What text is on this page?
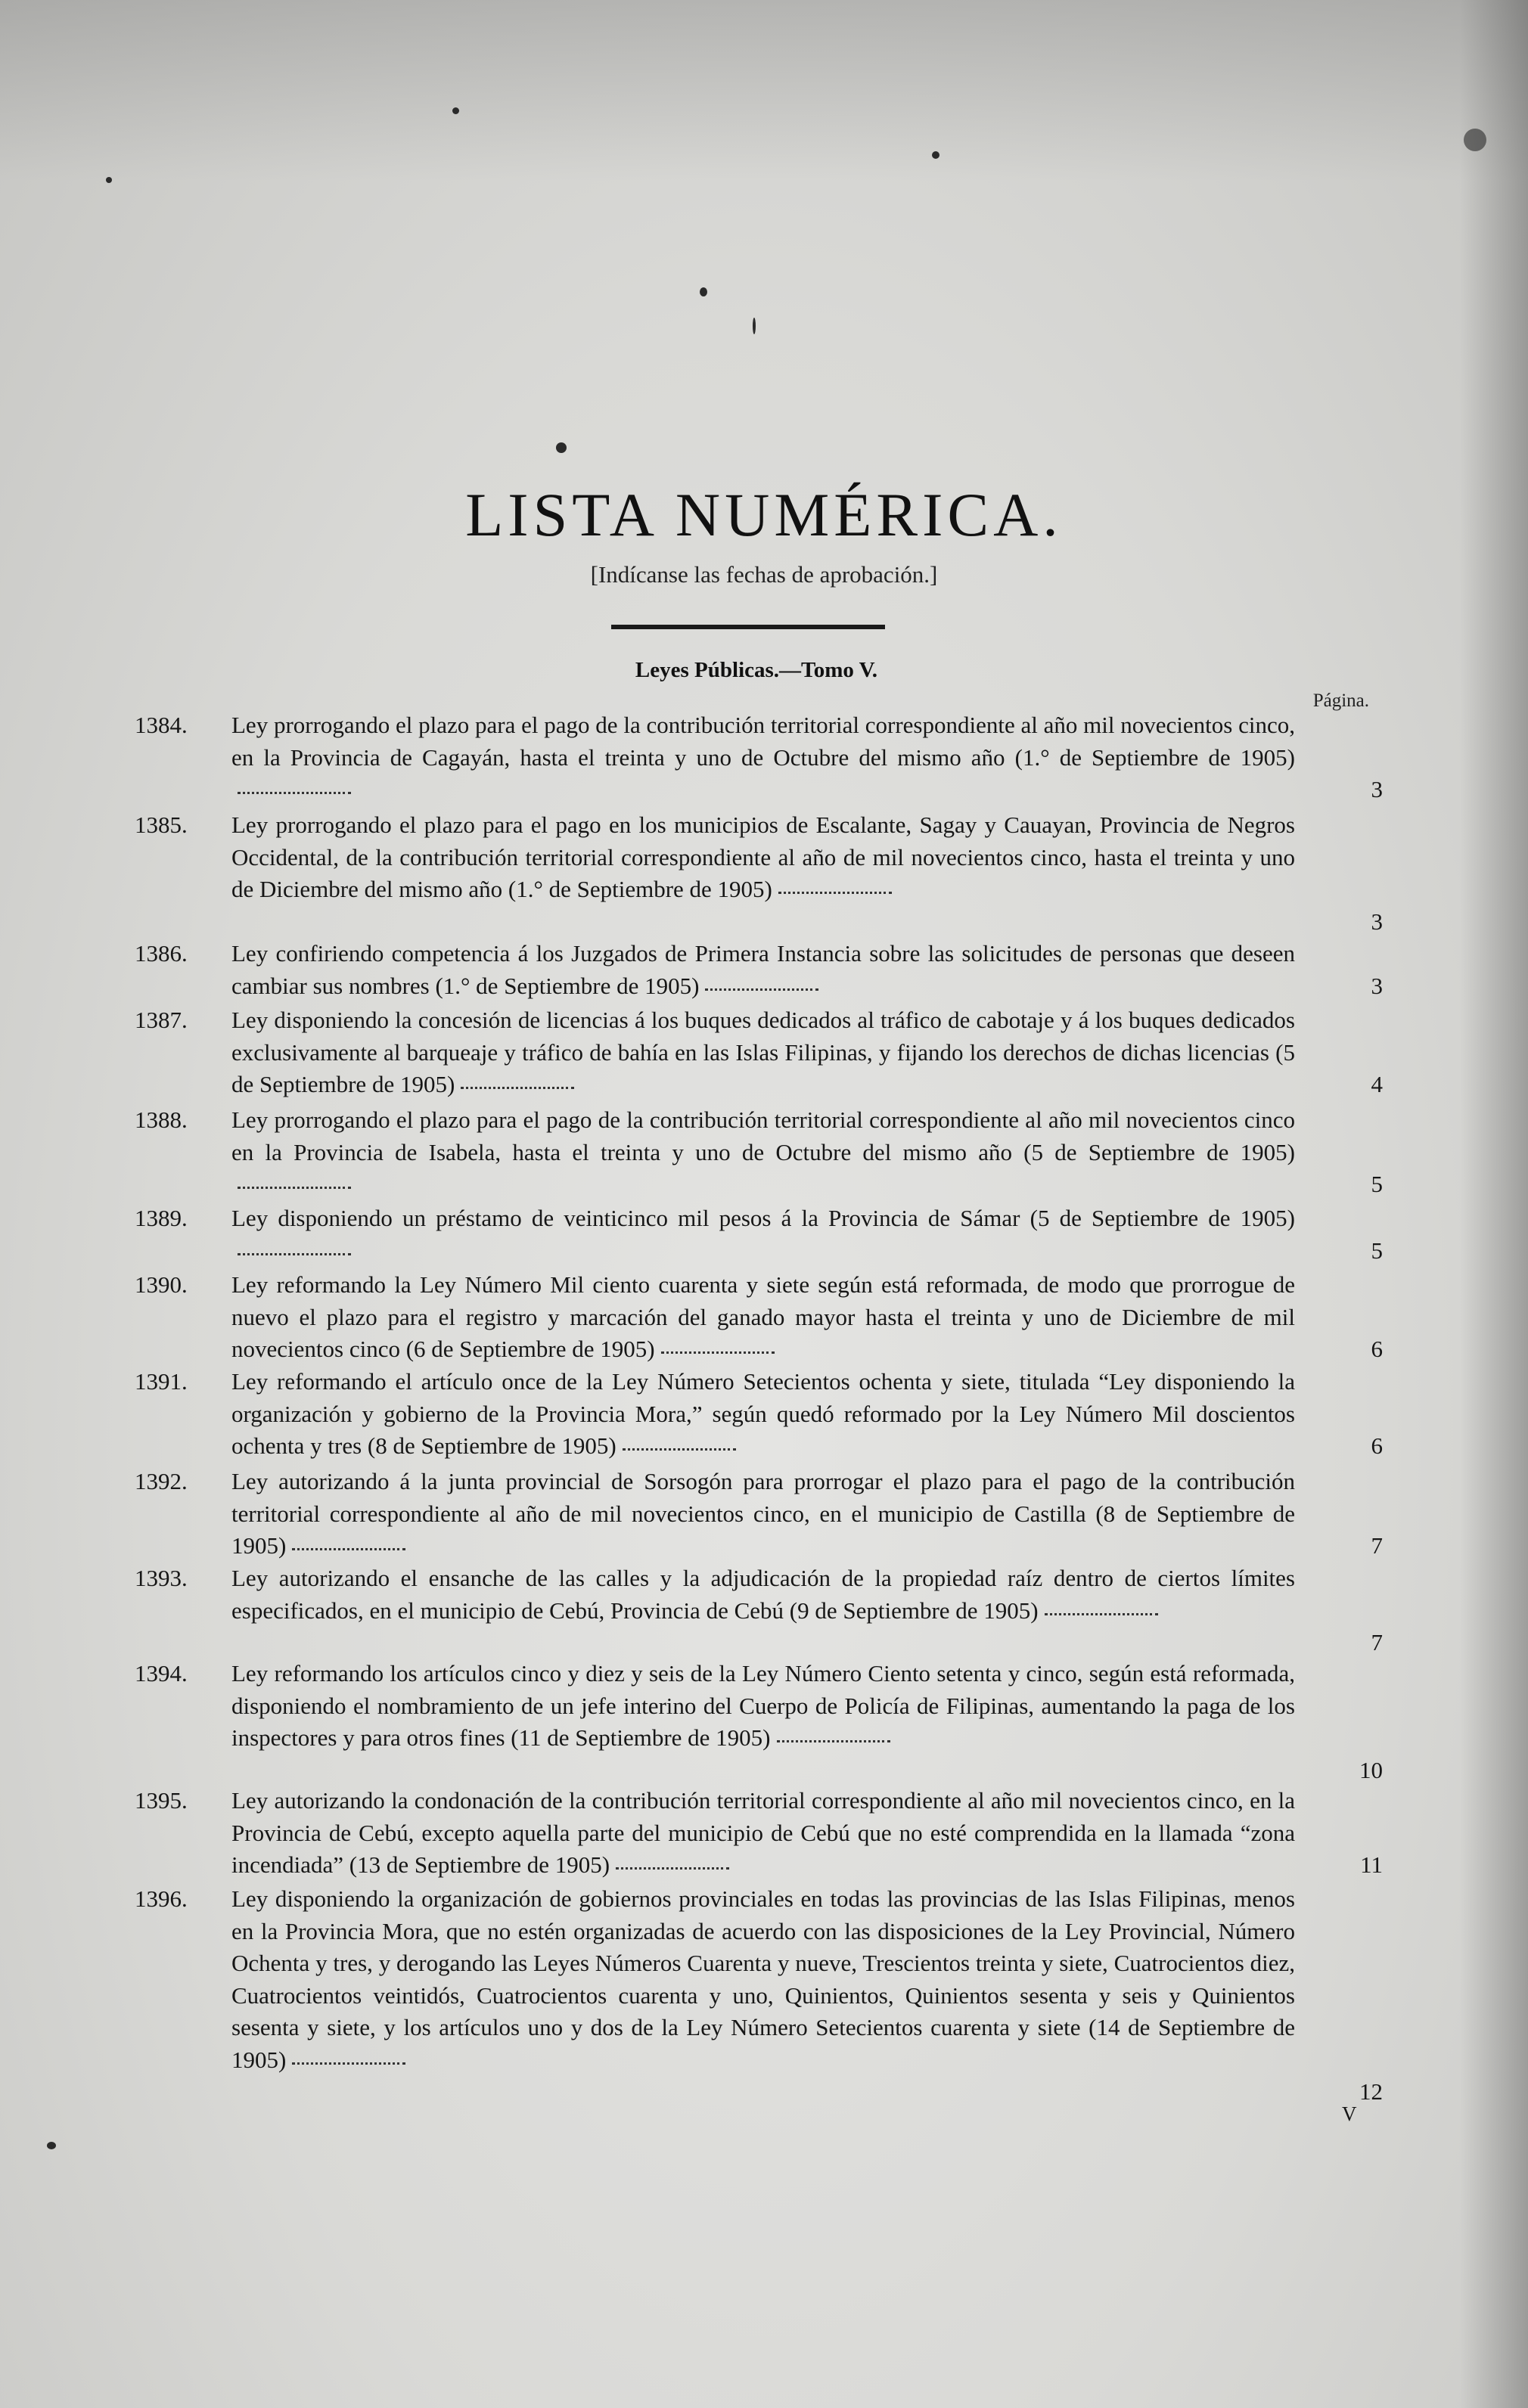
LISTA NUMÉRICA.
[Indícanse las fechas de aprobación.]
Leyes Públicas.—Tomo V.
Página.
1384.	Ley prorrogando el plazo para el pago de la contribución territorial correspondiente al año mil novecientos cinco, en la Provincia de Cagayán, hasta el treinta y uno de Octubre del mismo año (1.° de Septiembre de 1905)
3
1385.	Ley prorrogando el plazo para el pago en los municipios de Escalante, Sagay y Cauayan, Provincia de Negros Occidental, de la contribución territorial correspondiente al año de mil novecientos cinco, hasta el treinta y uno de Diciembre del mismo año (1.° de Septiembre de 1905)
3
1386.	Ley confiriendo competencia á los Juzgados de Primera Instancia sobre las solicitudes de personas que deseen cambiar sus nombres (1.° de Septiembre de 1905)	3
1387.	Ley disponiendo la concesión de licencias á los buques dedicados al tráfico de cabotaje y á los buques dedicados exclusivamente al barqueaje y tráfico de bahía en las Islas Filipinas, y fijando los derechos de dichas licencias (5 de Septiembre de 1905)	4
1388.	Ley prorrogando el plazo para el pago de la contribución territorial correspondiente al año mil novecientos cinco en la Provincia de Isabela, hasta el treinta y uno de Octubre del mismo año (5 de Septiembre de 1905)
5
1389.	Ley disponiendo un préstamo de veinticinco mil pesos á la Provincia de Sámar (5 de Septiembre de 1905)
5
1390.	Ley reformando la Ley Número Mil ciento cuarenta y siete según está reformada, de modo que prorrogue de nuevo el plazo para el registro y marcación del ganado mayor hasta el treinta y uno de Diciembre de mil novecientos cinco (6 de Septiembre de 1905)	6
1391.	Ley reformando el artículo once de la Ley Número Setecientos ochenta y siete, titulada “Ley disponiendo la organización y gobierno de la Provincia Mora,” según quedó reformado por la Ley Número Mil doscientos ochenta y tres (8 de Septiembre de 1905)	6
1392.	Ley autorizando á la junta provincial de Sorsogón para prorrogar el plazo para el pago de la contribución territorial correspondiente al año de mil novecientos cinco, en el municipio de Castilla (8 de Septiembre de 1905)	7
1393.	Ley autorizando el ensanche de las calles y la adjudicación de la propiedad raíz dentro de ciertos límites especificados, en el municipio de Cebú, Provincia de Cebú (9 de Septiembre de 1905)
7
1394.	Ley reformando los artículos cinco y diez y seis de la Ley Número Ciento setenta y cinco, según está reformada, disponiendo el nombramiento de un jefe interino del Cuerpo de Policía de Filipinas, aumentando la paga de los inspectores y para otros fines (11 de Septiembre de 1905)
10
1395.	Ley autorizando la condonación de la contribución territorial correspondiente al año mil novecientos cinco, en la Provincia de Cebú, excepto aquella parte del municipio de Cebú que no esté comprendida en la llamada “zona incendiada” (13 de Septiembre de 1905)	11
1396.	Ley disponiendo la organización de gobiernos provinciales en todas las provincias de las Islas Filipinas, menos en la Provincia Mora, que no estén organizadas de acuerdo con las disposiciones de la Ley Provincial, Número Ochenta y tres, y derogando las Leyes Números Cuarenta y nueve, Trescientos treinta y siete, Cuatrocientos diez, Cuatrocientos veintidós, Cuatrocientos cuarenta y uno, Quinientos, Quinientos sesenta y seis y Quinientos sesenta y siete, y los artículos uno y dos de la Ley Número Setecientos cuarenta y siete (14 de Septiembre de 1905)
12
V
